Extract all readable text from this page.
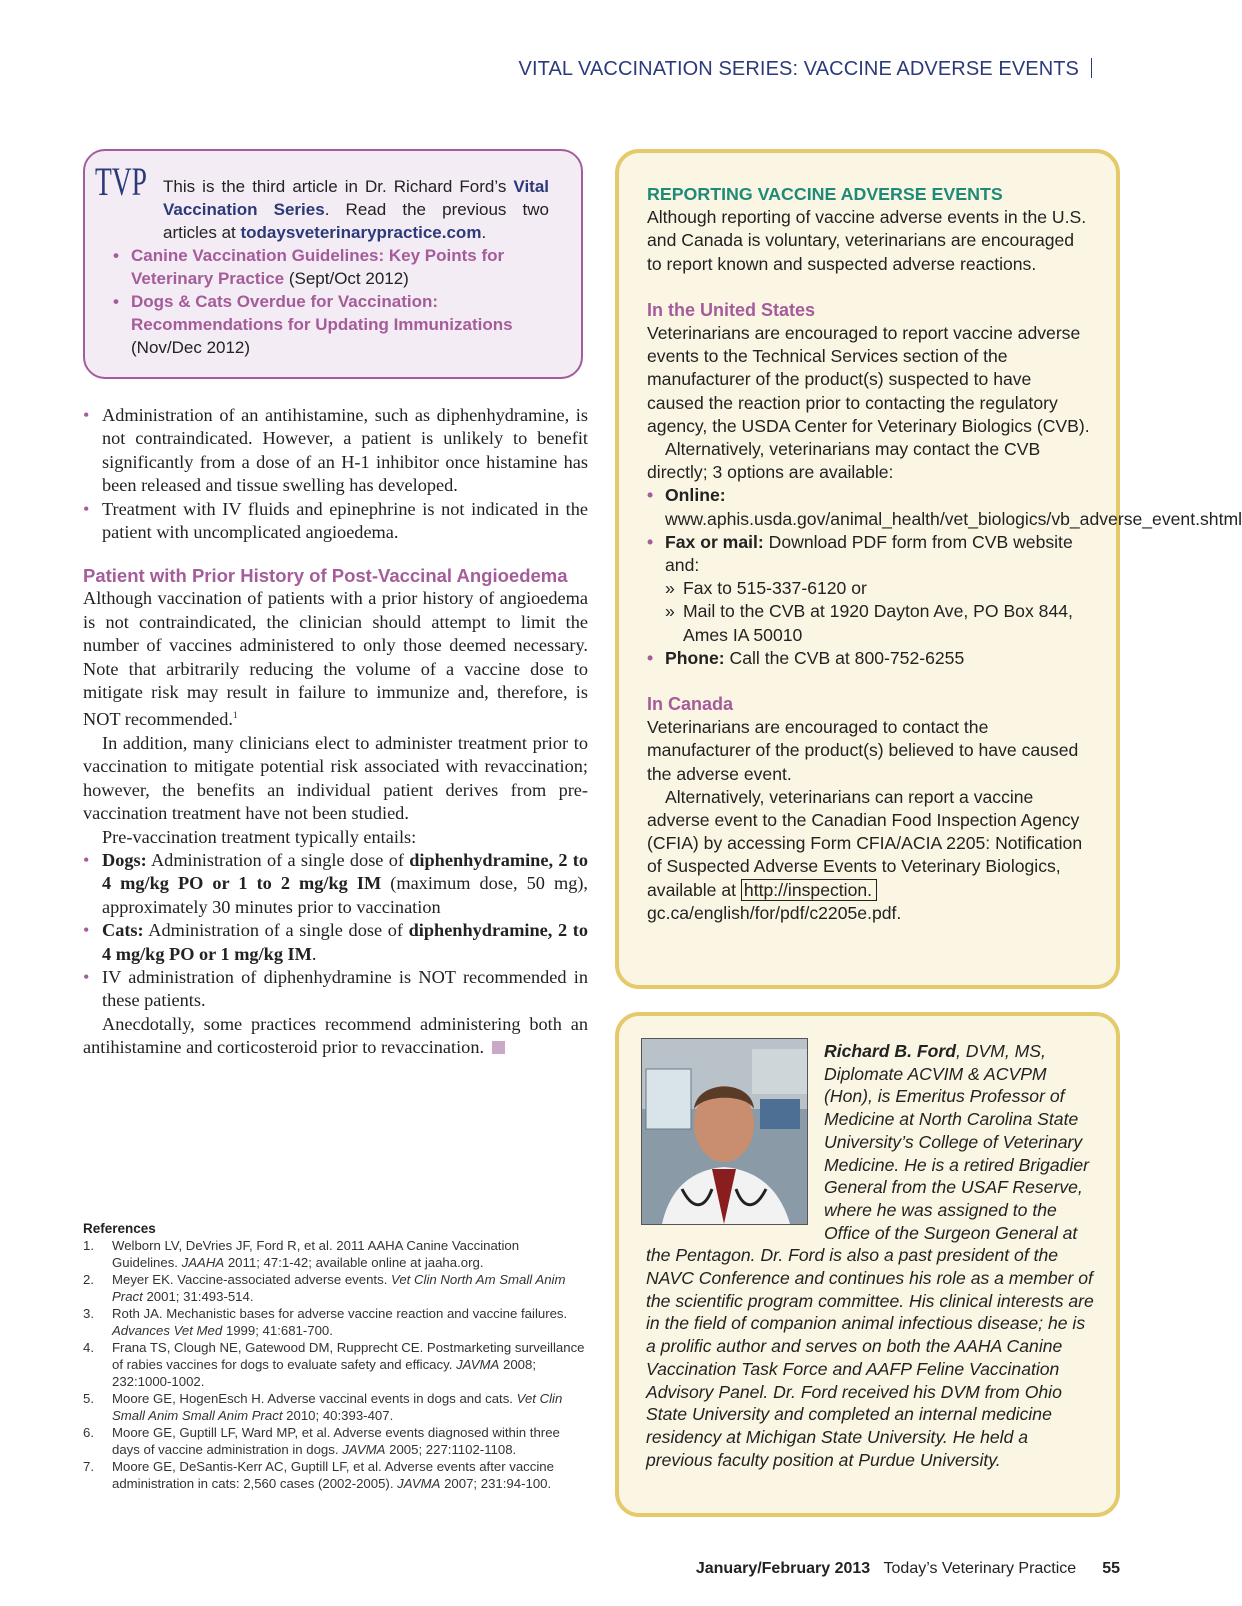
VITAL VACCINATION SERIES: VACCINE ADVERSE EVENTS
TVP This is the third article in Dr. Richard Ford’s Vital Vaccination Series. Read the previous two articles at todaysveterinarypractice.com.
• Canine Vaccination Guidelines: Key Points for Veterinary Practice (Sept/Oct 2012)
• Dogs & Cats Overdue for Vaccination: Recommendations for Updating Immunizations (Nov/Dec 2012)
• Administration of an antihistamine, such as diphenhydramine, is not contraindicated. However, a patient is unlikely to benefit significantly from a dose of an H-1 inhibitor once histamine has been released and tissue swelling has developed.
• Treatment with IV fluids and epinephrine is not indicated in the patient with uncomplicated angioedema.
Patient with Prior History of Post-Vaccinal Angioedema

Although vaccination of patients with a prior history of angioedema is not contraindicated, the clinician should attempt to limit the number of vaccines administered to only those deemed necessary. Note that arbitrarily reducing the volume of a vaccine dose to mitigate risk may result in failure to immunize and, therefore, is NOT recommended.$^1$

In addition, many clinicians elect to administer treatment prior to vaccination to mitigate potential risk associated with revaccination; however, the benefits an individual patient derives from pre-vaccination treatment have not been studied.

Pre-vaccination treatment typically entails:

• Dogs: Administration of a single dose of diphenhydramine, 2 to 4 mg/kg PO or 1 to 2 mg/kg IM (maximum dose, 50 mg), approximately 30 minutes prior to vaccination
• Cats: Administration of a single dose of diphenhydramine, 2 to 4 mg/kg PO or 1 mg/kg IM.
• IV administration of diphenhydramine is NOT recommended in these patients.

Anecdotally, some practices recommend administering both an antihistamine and corticosteroid prior to revaccination.

References
1. Welborn LV, DeVries JF, Ford R, et al. 2011 AAHA Canine Vaccination Guidelines. JAAHA 2011; 47:1-42; available online at jaaha.org.
2. Meyer EK. Vaccine-associated adverse events. Vet Clin North Am Small Anim Pract 2001; 31:493-514.
3. Roth JA. Mechanistic bases for adverse vaccine reaction and vaccine failures. Advances Vet Med 1999; 41:681-700.
4. Frana TS, Clough NE, Gatewood DM, Rupprecht CE. Postmarketing surveillance of rabies vaccines for dogs to evaluate safety and efficacy. JAVMA 2008; 232:1000-1002.
5. Moore GE, HogenEsch H. Adverse vaccinal events in dogs and cats. Vet Clin Small Anim Small Anim Pract 2010; 40:393-407.
6. Moore GE, Guptill LF, Ward MP, et al. Adverse events diagnosed within three days of vaccine administration in dogs. JAVMA 2005; 227:1102-1108.
7. Moore GE, DeSantis-Kerr AC, Guptill LF, et al. Adverse events after vaccine administration in cats: 2,560 cases (2002-2005). JAVMA 2007; 231:94-100.
REPORTING VACCINE ADVERSE EVENTS
Although reporting of vaccine adverse events in the U.S. and Canada is voluntary, veterinarians are encouraged to report known and suspected adverse reactions.
In the United States
Veterinarians are encouraged to report vaccine adverse events to the Technical Services section of the manufacturer of the product(s) suspected to have caused the reaction prior to contacting the regulatory agency, the USDA Center for Veterinary Biologics (CVB).
Alternatively, veterinarians may contact the CVB directly; 3 options are available:
• Online: www.aphis.usda.gov/animal_health/vet_biologics/vb_adverse_event.shtml
• Fax or mail: Download PDF form from CVB website and:
» Fax to 515-337-6120 or
» Mail to the CVB at 1920 Dayton Ave, PO Box 844, Ames IA 50010
• Phone: Call the CVB at 800-752-6255
In Canada
Veterinarians are encouraged to contact the manufacturer of the product(s) believed to have caused the adverse event.
Alternatively, veterinarians can report a vaccine adverse event to the Canadian Food Inspection Agency (CFIA) by accessing Form CFIA/ACIA 2205: Notification of Suspected Adverse Events to Veterinary Biologics, available at http://inspection.
gc.ca/english/for/pdf/c2205e.pdf.
Richard B. Ford, DVM, MS, Diplomate ACVIM & ACVPM (Hon), is Emeritus Professor of Medicine at North Carolina State University’s College of Veterinary Medicine. He is a retired Brigadier General from the USAF Reserve, where he was assigned to the Office of the Surgeon General at the Pentagon. Dr. Ford is also a past president of the NAVC Conference and continues his role as a member of the scientific program committee. His clinical interests are in the field of companion animal infectious disease; he is a prolific author and serves on both the AAHA Canine Vaccination Task Force and AAFP Feline Vaccination Advisory Panel. Dr. Ford received his DVM from Ohio State University and completed an internal medicine residency at Michigan State University. He held a previous faculty position at Purdue University.
January/February 2013 Today’s Veterinary Practice 55
